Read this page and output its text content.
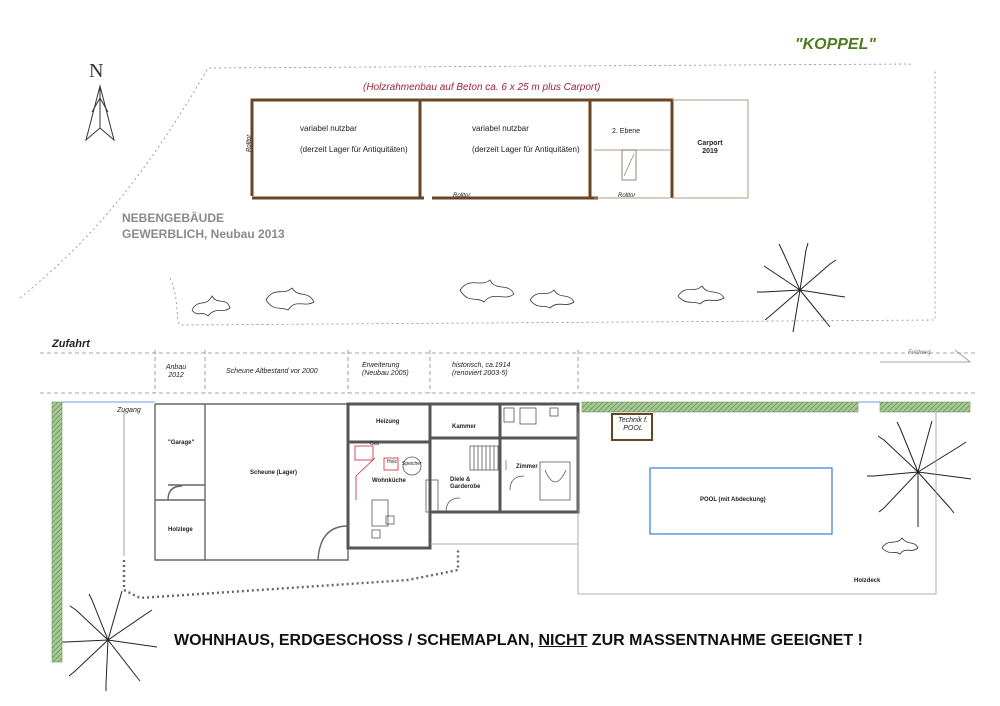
"KOPPEL"
N
(Holzrahmenbau auf Beton ca. 6 x 25 m plus Carport)
variabel nutzbar
(derzeit Lager für Antiquitäten)
variabel nutzbar
(derzeit Lager für Antiquitäten)
2. Ebene
Carport 2019
Rolltor
Rolltor	Rolltor
NEBENGEBÄUDE
GEWERBLICH, Neubau 2013
Zufahrt
Feldweg
Anbau 2012
Scheune Altbestand vor 2000
Erweiterung (Neubau 2005)
historisch, ca.1914 (renoviert 2003-5)
Zugang
"Garage"
Holzlege
Scheune (Lager)
Heizung
Gas
Holz Speicher
Wohnküche
Kammer
Diele & Garderobe
Zimmer
Technik f. POOL
POOL (mit Abdeckung)
Holzdeck
WOHNHAUS, ERDGESCHOSS / SCHEMAPLAN, NICHT ZUR MASSENTNAHME GEEIGNET !
